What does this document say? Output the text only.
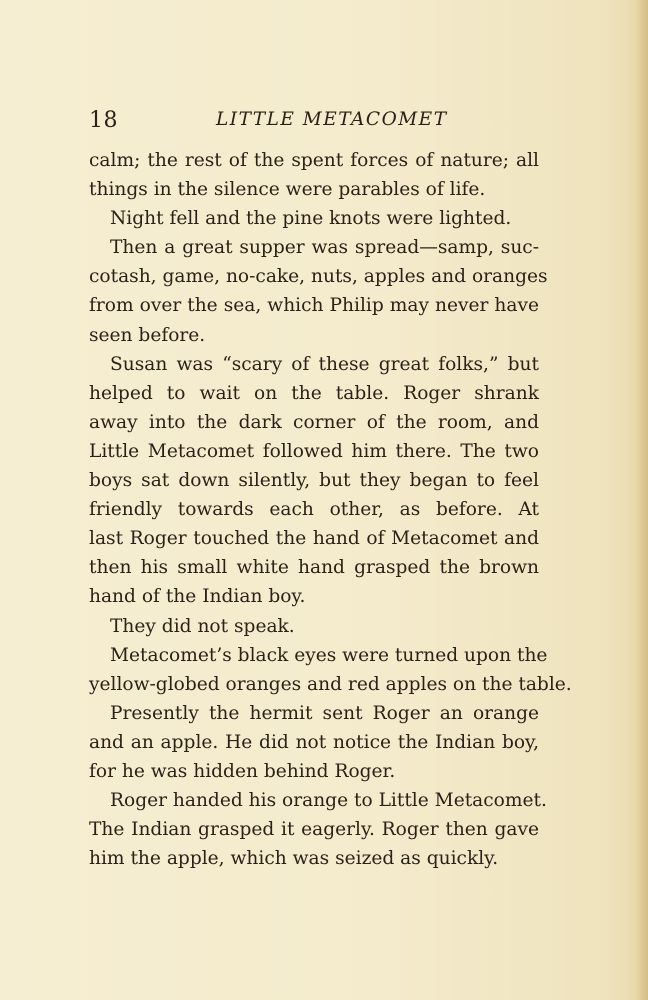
18	LITTLE METACOMET
calm; the rest of the spent forces of nature; all
things in the silence were parables of life.
Night fell and the pine knots were lighted.
Then a great supper was spread—samp, suc-
cotash, game, no-cake, nuts, apples and oranges
from over the sea, which Philip may never have
seen before.
Susan was “scary of these great folks,” but
helped to wait on the table. Roger shrank
away into the dark corner of the room, and
Little Metacomet followed him there. The two
boys sat down silently, but they began to feel
friendly towards each other, as before. At
last Roger touched the hand of Metacomet and
then his small white hand grasped the brown
hand of the Indian boy.
They did not speak.
Metacomet’s black eyes were turned upon the
yellow-globed oranges and red apples on the table.
Presently the hermit sent Roger an orange
and an apple. He did not notice the Indian boy,
for he was hidden behind Roger.
Roger handed his orange to Little Metacomet.
The Indian grasped it eagerly. Roger then gave
him the apple, which was seized as quickly.
